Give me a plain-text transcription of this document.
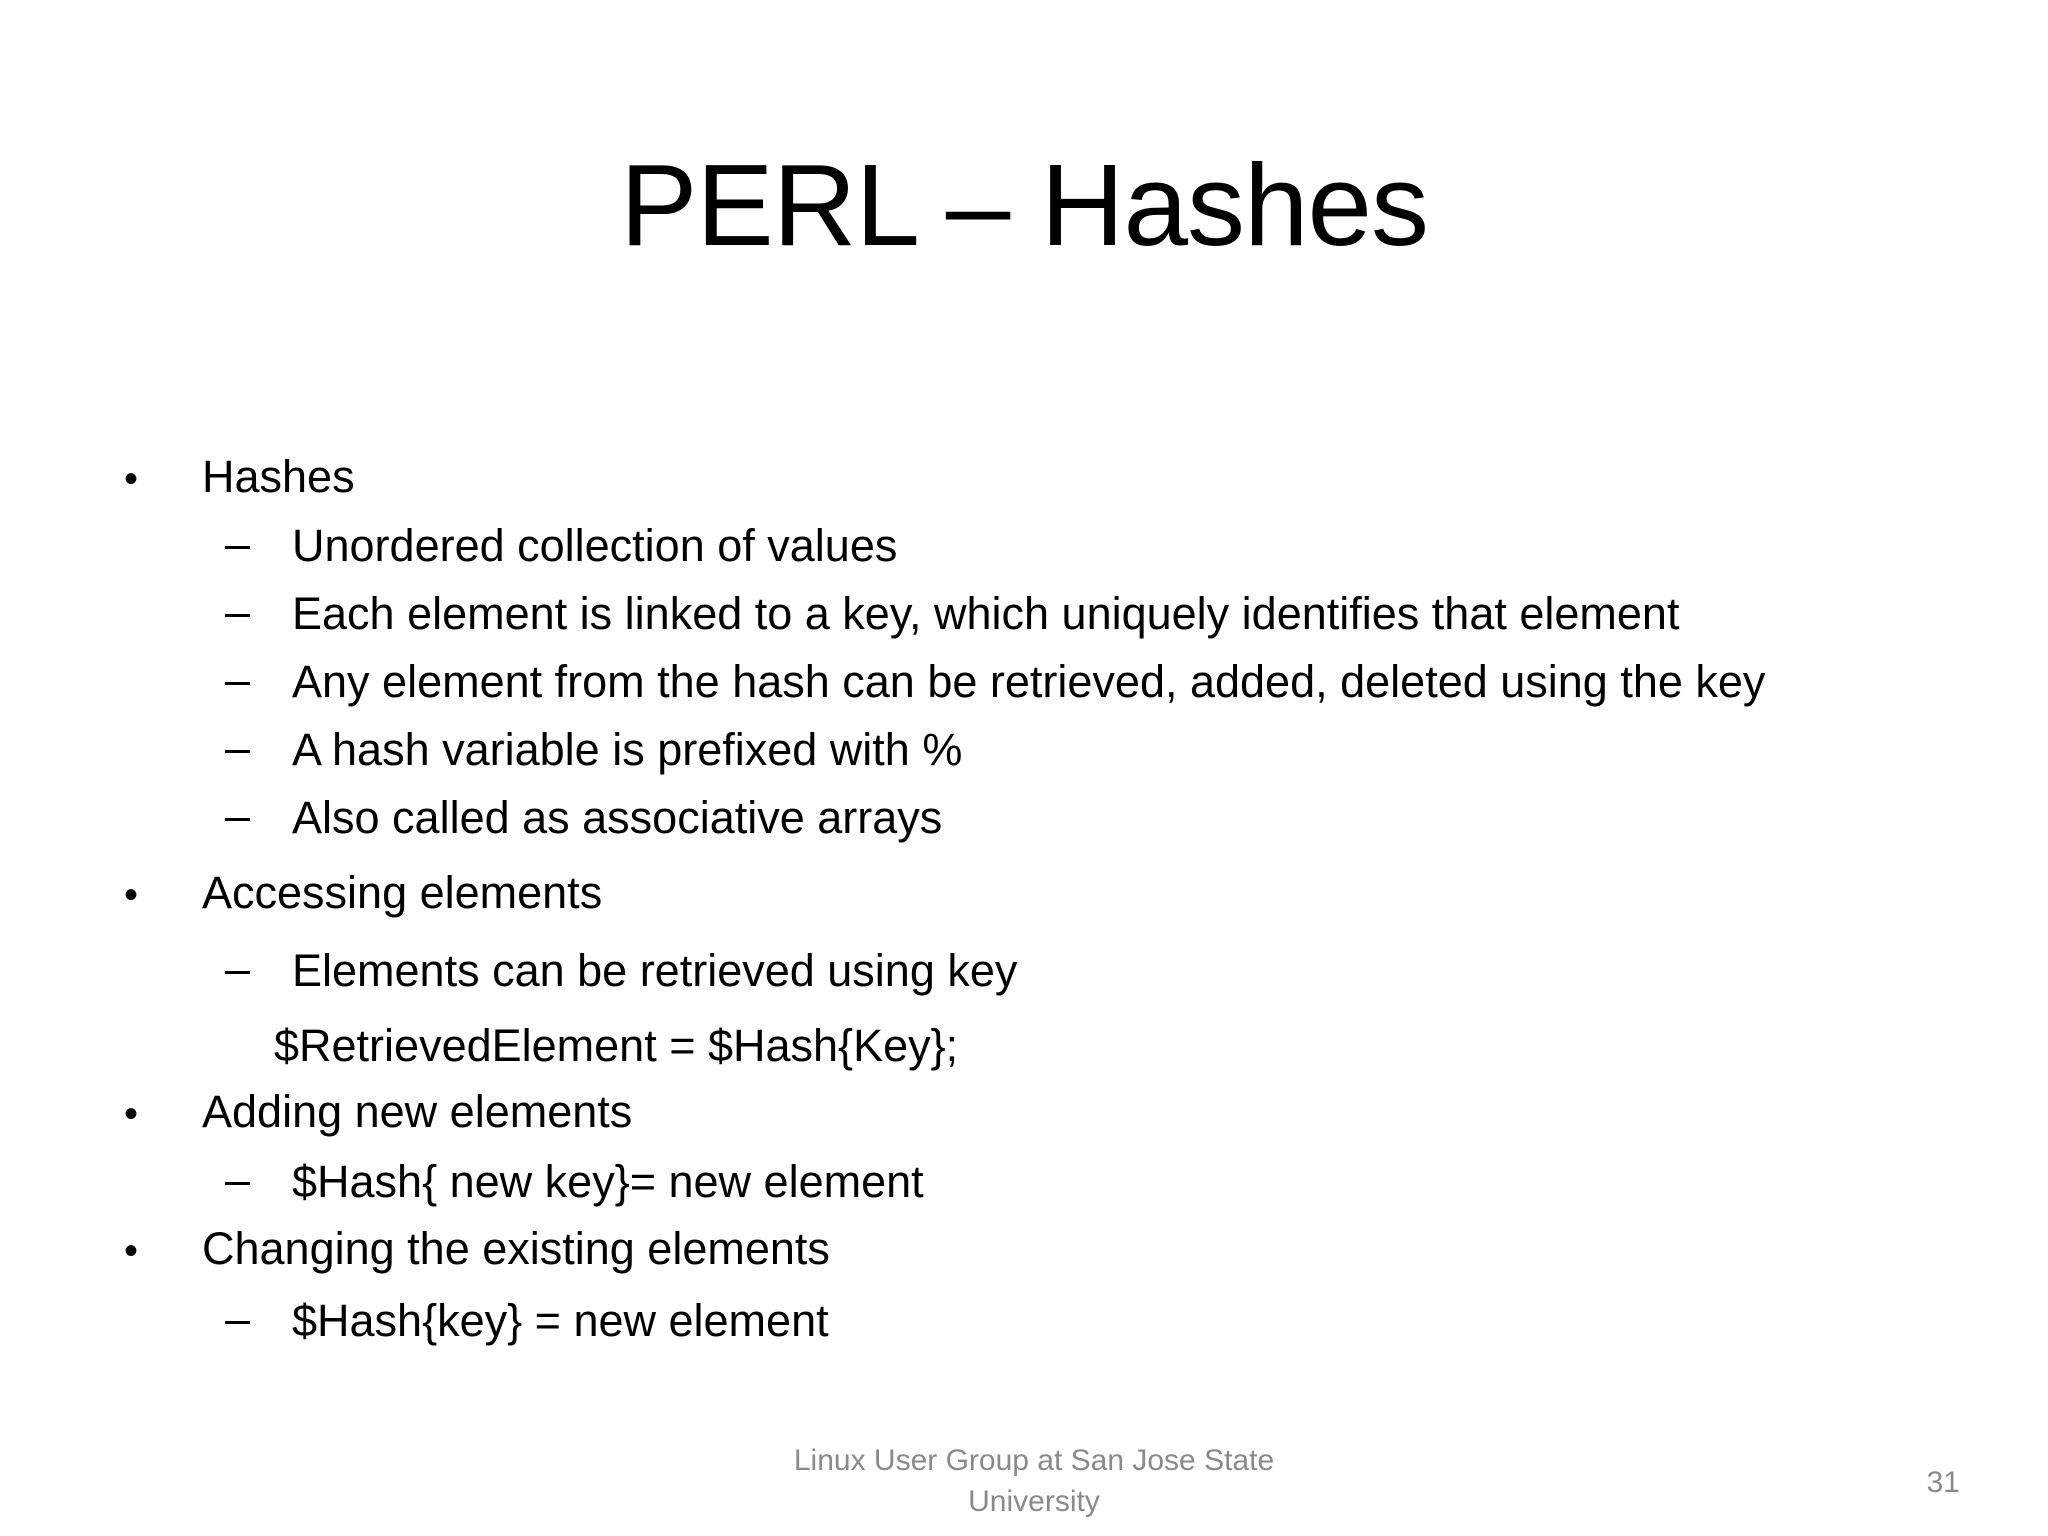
PERL – Hashes
• Hashes
– Unordered collection of values
– Each element is linked to a key, which uniquely identifies that element
– Any element from the hash can be retrieved, added, deleted using the key
– A hash variable is prefixed with %
– Also called as associative arrays
• Accessing elements
– Elements can be retrieved using key
$RetrievedElement = $Hash{Key};
• Adding new elements
– $Hash{ new key}= new element
• Changing the existing elements
– $Hash{key} = new element
Linux User Group at San Jose State
University
31
